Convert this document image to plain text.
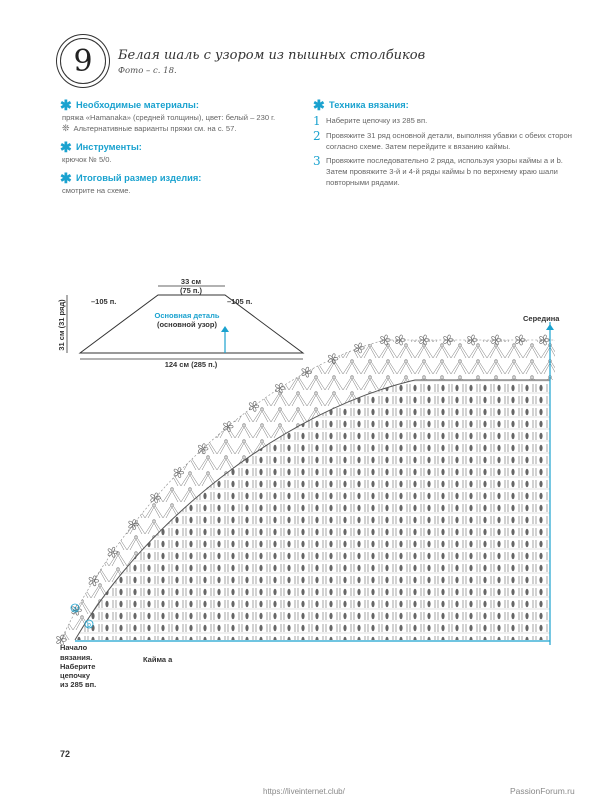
9 Белая шаль с узором из пышных столбиков
Фото – с. 18.
✱ Необходимые материалы:
пряжа «Hamanaka» (средней толщины), цвет: белый – 230 г.
❊ Альтернативные варианты пряжи см. на с. 57.
✱ Инструменты:
крючок № 5/0.
✱ Итоговый размер изделия:
смотрите на схеме.
✱ Техника вязания:
1 Наберите цепочку из 285 вп.
2 Провяжите 31 ряд основной детали, выполняя убавки с обеих сторон согласно схеме. Затем перейдите к вязанию каймы.
3 Провяжите последовательно 2 ряда, используя узоры каймы a и b. Затем провяжите 3-й и 4-й ряды каймы b по верхнему краю шали повторными рядами.
33 см
(75 п.)
–105 п.	–105 п.
31 см (31 ряд)	Основная деталь
(основной узор)
124 см (285 п.)
Середина
a
b
Начало
вязания.
Наберите
цепочку
из 285 вп.
Кайма a
72
https://liveinternet.club/	PassionForum.ru
